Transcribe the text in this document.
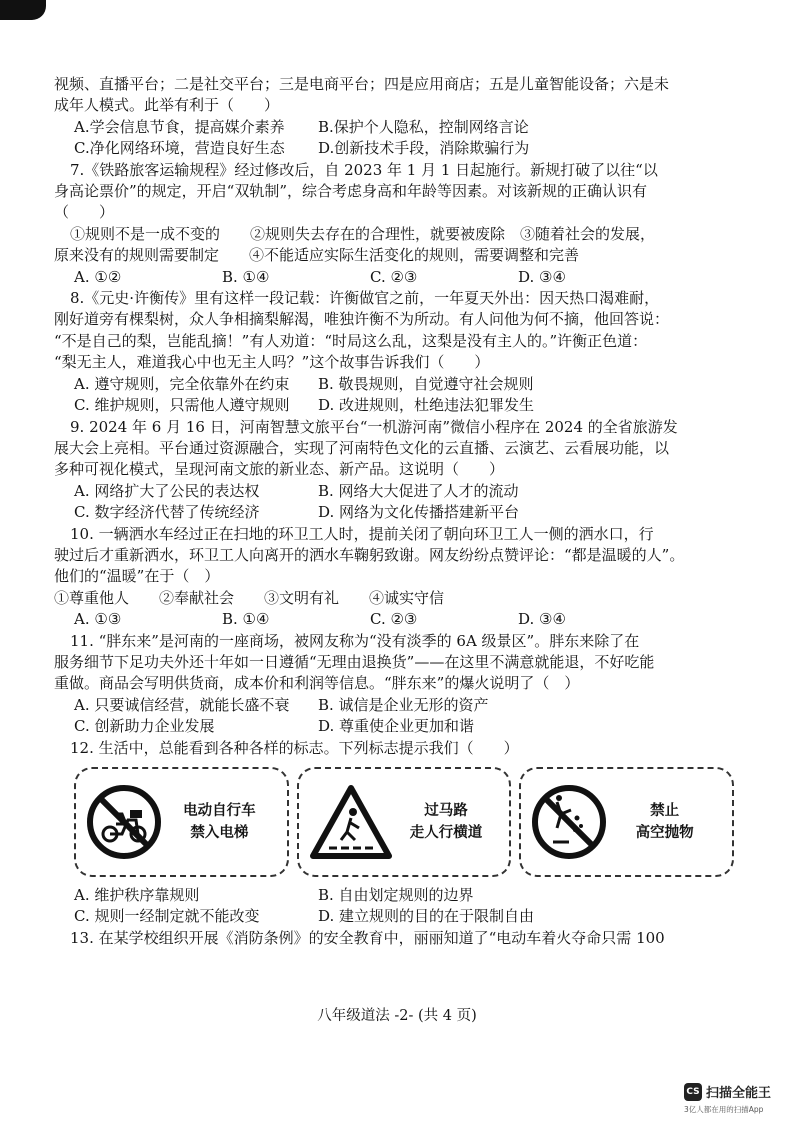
视频、直播平台；二是社交平台；三是电商平台；四是应用商店；五是儿童智能设备；六是未
成年人模式。此举有利于（　　）
A.学会信息节食，提高媒介素养	B.保护个人隐私，控制网络言论
C.净化网络环境，营造良好生态	D.创新技术手段，消除欺骗行为
7.《铁路旅客运输规程》经过修改后，自 2023 年 1 月 1 日起施行。新规打破了以往“以
身高论票价”的规定，开启“双轨制”，综合考虑身高和年龄等因素。对该新规的正确认识有
（　　）
①规则不是一成不变的　　②规则失去存在的合理性，就要被废除　③随着社会的发展，
原来没有的规则需要制定　　④不能适应实际生活变化的规则，需要调整和完善
A. ①②	B. ①④	C. ②③	D. ③④
8.《元史·许衡传》里有这样一段记载：许衡做官之前，一年夏天外出：因天热口渴难耐，
刚好道旁有棵梨树，众人争相摘梨解渴，唯独许衡不为所动。有人问他为何不摘，他回答说：
“不是自己的梨，岂能乱摘！”有人劝道：“时局这么乱，这梨是没有主人的。”许衡正色道：
“梨无主人，难道我心中也无主人吗？”这个故事告诉我们（　　）
A. 遵守规则，完全依靠外在约束	B. 敬畏规则，自觉遵守社会规则
C. 维护规则，只需他人遵守规则	D. 改进规则，杜绝违法犯罪发生
9. 2024 年 6 月 16 日，河南智慧文旅平台“一机游河南”微信小程序在 2024 的全省旅游发
展大会上亮相。平台通过资源融合，实现了河南特色文化的云直播、云演艺、云看展功能，以
多种可视化模式，呈现河南文旅的新业态、新产品。这说明（　　）
A. 网络扩大了公民的表达权	B. 网络大大促进了人才的流动
C. 数字经济代替了传统经济	D. 网络为文化传播搭建新平台
10. 一辆洒水车经过正在扫地的环卫工人时，提前关闭了朝向环卫工人一侧的洒水口，行
驶过后才重新洒水，环卫工人向离开的洒水车鞠躬致谢。网友纷纷点赞评论：“都是温暖的人”。
他们的“温暖”在于（　）
①尊重他人　　②奉献社会　　③文明有礼　　④诚实守信
A. ①③	B. ①④	C. ②③	D. ③④
11. “胖东来”是河南的一座商场，被网友称为“没有淡季的 6A 级景区”。胖东来除了在
服务细节下足功夫外还十年如一日遵循“无理由退换货”——在这里不满意就能退，不好吃能
重做。商品会写明供货商，成本价和利润等信息。“胖东来”的爆火说明了（　）
A. 只要诚信经营，就能长盛不衰	B. 诚信是企业无形的资产
C. 创新助力企业发展	D. 尊重使企业更加和谐
12. 生活中，总能看到各种各样的标志。下列标志提示我们（　　）
电动自行车
禁入电梯
过马路
走人行横道
禁止
高空抛物
A. 维护秩序靠规则	B. 自由划定规则的边界
C. 规则一经制定就不能改变	D. 建立规则的目的在于限制自由
13. 在某学校组织开展《消防条例》的安全教育中，丽丽知道了“电动车着火夺命只需 100
八年级道法 -2- (共 4 页)
CS 扫描全能王
3亿人都在用的扫描App
